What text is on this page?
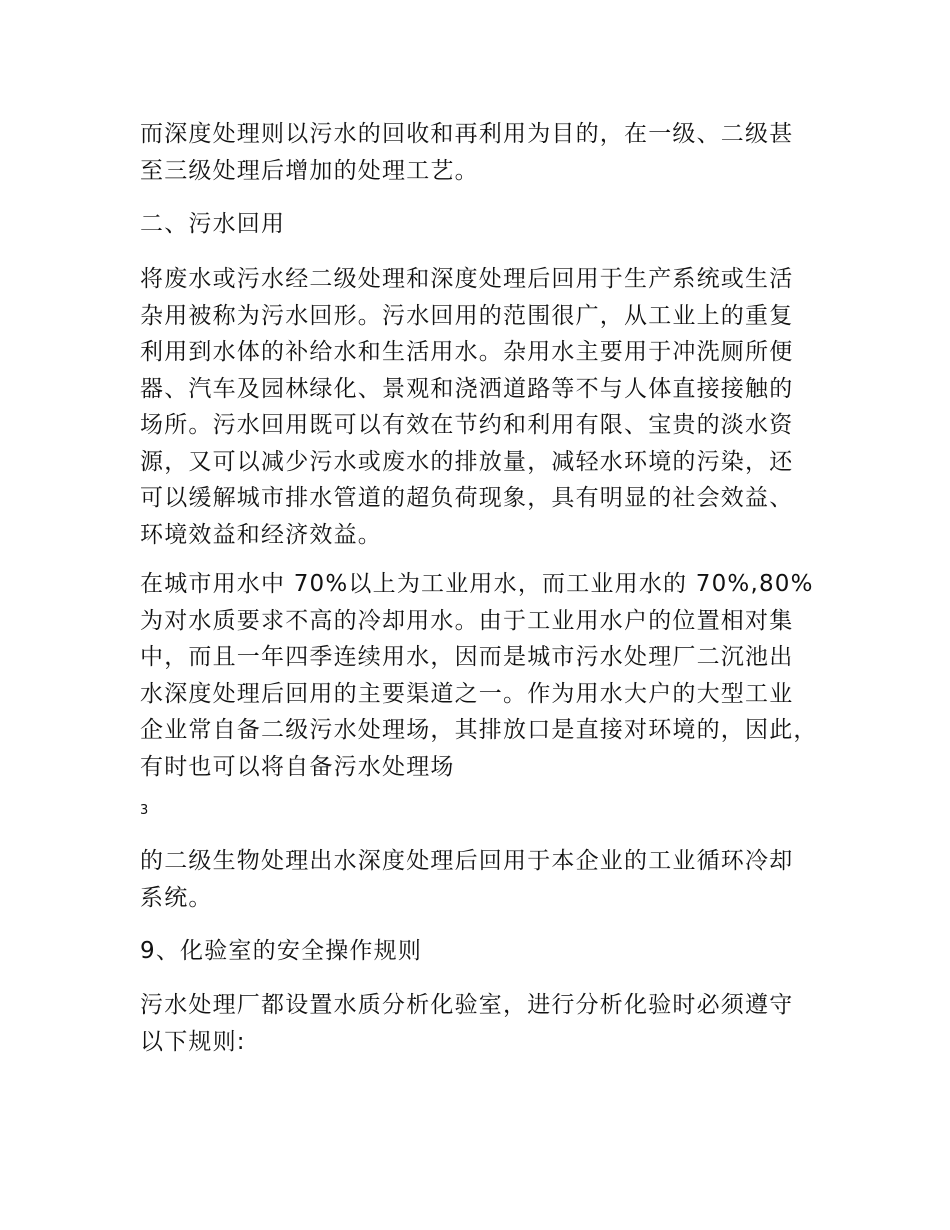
而深度处理则以污水的回收和再利用为目的，在一级、二级甚
至三级处理后增加的处理工艺。

二、污水回用

将废水或污水经二级处理和深度处理后回用于生产系统或生活
杂用被称为污水回形。污水回用的范围很广，从工业上的重复
利用到水体的补给水和生活用水。杂用水主要用于冲洗厕所便
器、汽车及园林绿化、景观和浇洒道路等不与人体直接接触的
场所。污水回用既可以有效在节约和利用有限、宝贵的淡水资
源，又可以减少污水或废水的排放量，减轻水环境的污染，还
可以缓解城市排水管道的超负荷现象，具有明显的社会效益、
环境效益和经济效益。

在城市用水中 70%以上为工业用水，而工业用水的 70%,80%
为对水质要求不高的冷却用水。由于工业用水户的位置相对集
中，而且一年四季连续用水，因而是城市污水处理厂二沉池出
水深度处理后回用的主要渠道之一。作为用水大户的大型工业
企业常自备二级污水处理场，其排放口是直接对环境的，因此，
有时也可以将自备污水处理场

3

的二级生物处理出水深度处理后回用于本企业的工业循环冷却
系统。

9、化验室的安全操作规则

污水处理厂都设置水质分析化验室，进行分析化验时必须遵守
以下规则:
